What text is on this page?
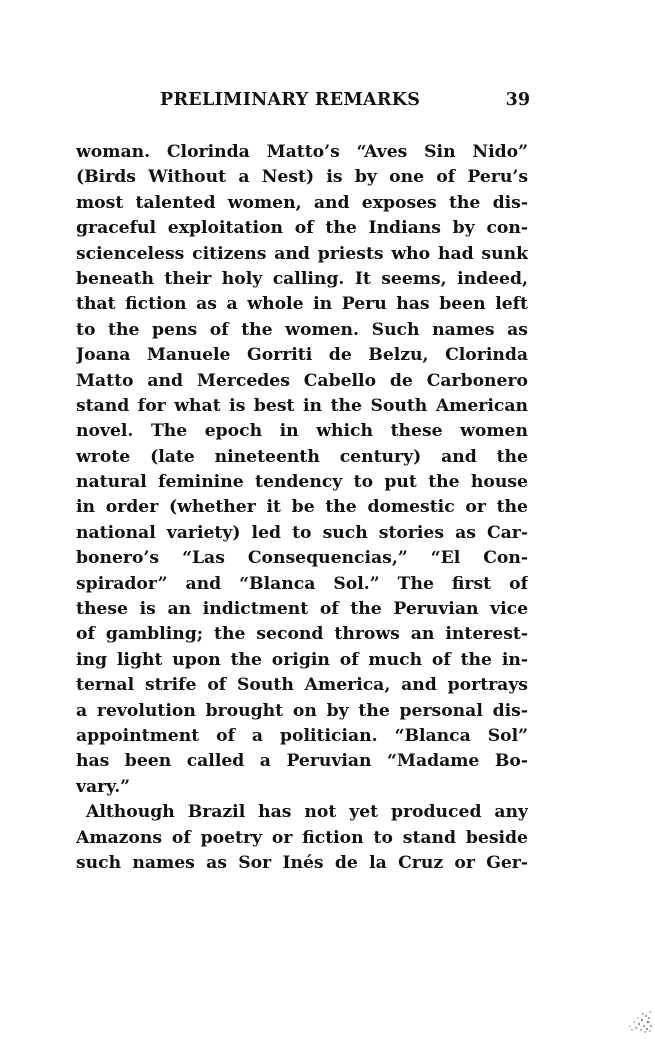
PRELIMINARY REMARKS	39
woman. Clorinda Matto’s “Aves Sin Nido”
(Birds Without a Nest) is by one of Peru’s
most talented women, and exposes the dis-
graceful exploitation of the Indians by con-
scienceless citizens and priests who had sunk
beneath their holy calling. It seems, indeed,
that fiction as a whole in Peru has been left
to the pens of the women. Such names as
Joana Manuele Gorriti de Belzu, Clorinda
Matto and Mercedes Cabello de Carbonero
stand for what is best in the South American
novel. The epoch in which these women
wrote (late nineteenth century) and the
natural feminine tendency to put the house
in order (whether it be the domestic or the
national variety) led to such stories as Car-
bonero’s “Las Consequencias,” “El Con-
spirador” and “Blanca Sol.” The first of
these is an indictment of the Peruvian vice
of gambling; the second throws an interest-
ing light upon the origin of much of the in-
ternal strife of South America, and portrays
a revolution brought on by the personal dis-
appointment of a politician. “Blanca Sol”
has been called a Peruvian “Madame Bo-
vary.”
Although Brazil has not yet produced any
Amazons of poetry or fiction to stand beside
such names as Sor Inés de la Cruz or Ger-
